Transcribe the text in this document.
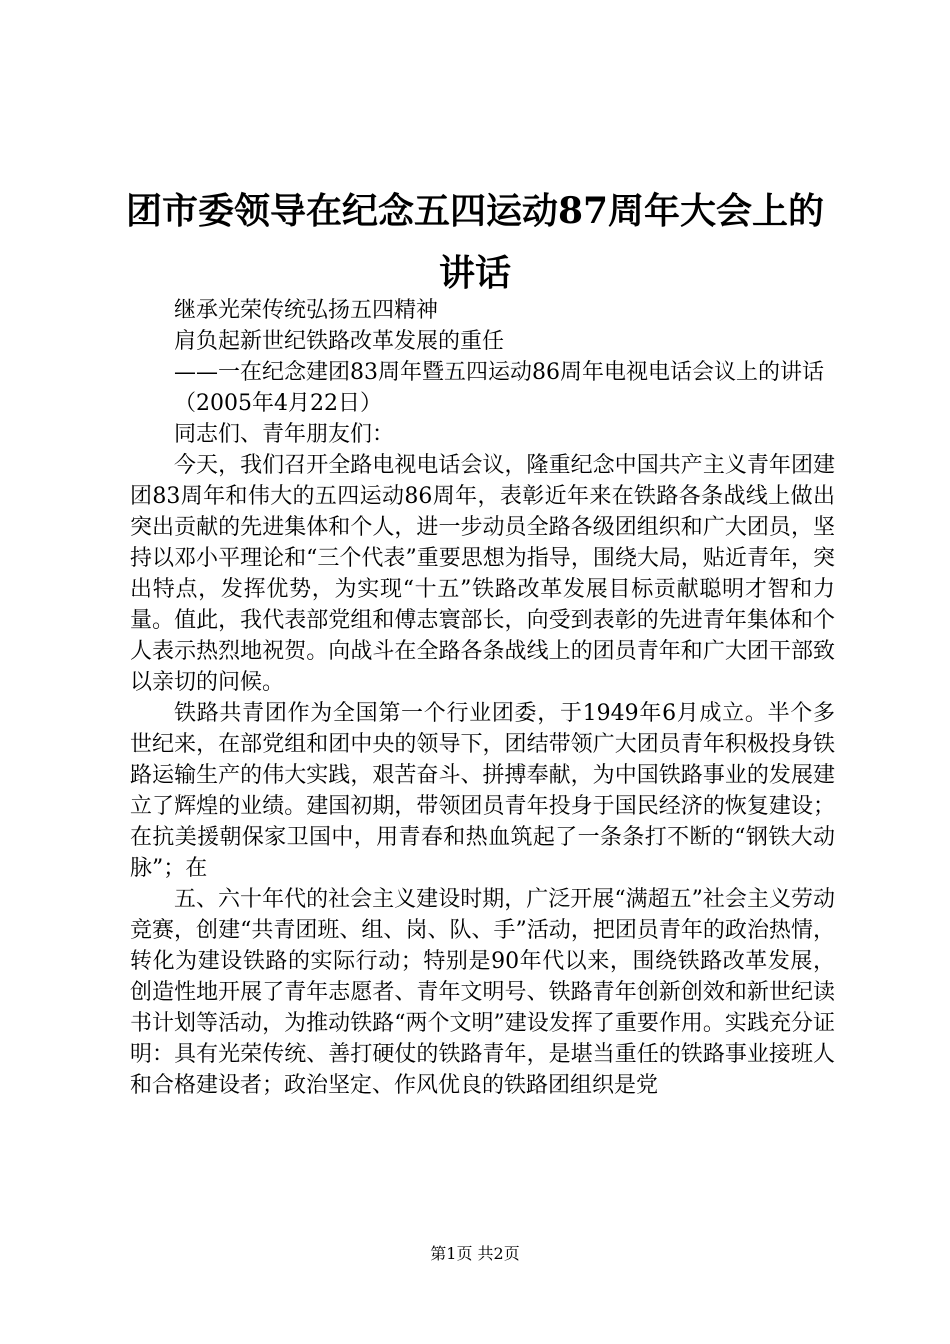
团市委领导在纪念五四运动87周年大会上的
讲话

继承光荣传统弘扬五四精神

肩负起新世纪铁路改革发展的重任

——一在纪念建团83周年暨五四运动86周年电视电话会议上的讲话

（2005年4月22日）

同志们、青年朋友们：

今天，我们召开全路电视电话会议，隆重纪念中国共产主义青年团建团83周年和伟大的五四运动86周年，表彰近年来在铁路各条战线上做出突出贡献的先进集体和个人，进一步动员全路各级团组织和广大团员，坚持以邓小平理论和“三个代表”重要思想为指导，围绕大局，贴近青年，突出特点，发挥优势，为实现“十五”铁路改革发展目标贡献聪明才智和力量。值此，我代表部党组和傅志寰部长，向受到表彰的先进青年集体和个人表示热烈地祝贺。向战斗在全路各条战线上的团员青年和广大团干部致以亲切的问候。

铁路共青团作为全国第一个行业团委，于1949年6月成立。半个多世纪来，在部党组和团中央的领导下，团结带领广大团员青年积极投身铁路运输生产的伟大实践，艰苦奋斗、拼搏奉献，为中国铁路事业的发展建立了辉煌的业绩。建国初期，带领团员青年投身于国民经济的恢复建设；在抗美援朝保家卫国中，用青春和热血筑起了一条条打不断的“钢铁大动脉”；在

五、六十年代的社会主义建设时期，广泛开展“满超五”社会主义劳动竞赛，创建“共青团班、组、岗、队、手”活动，把团员青年的政治热情，转化为建设铁路的实际行动；特别是90年代以来，围绕铁路改革发展，创造性地开展了青年志愿者、青年文明号、铁路青年创新创效和新世纪读书计划等活动，为推动铁路“两个文明”建设发挥了重要作用。实践充分证明：具有光荣传统、善打硬仗的铁路青年，是堪当重任的铁路事业接班人和合格建设者；政治坚定、作风优良的铁路团组织是党

第1页 共2页
